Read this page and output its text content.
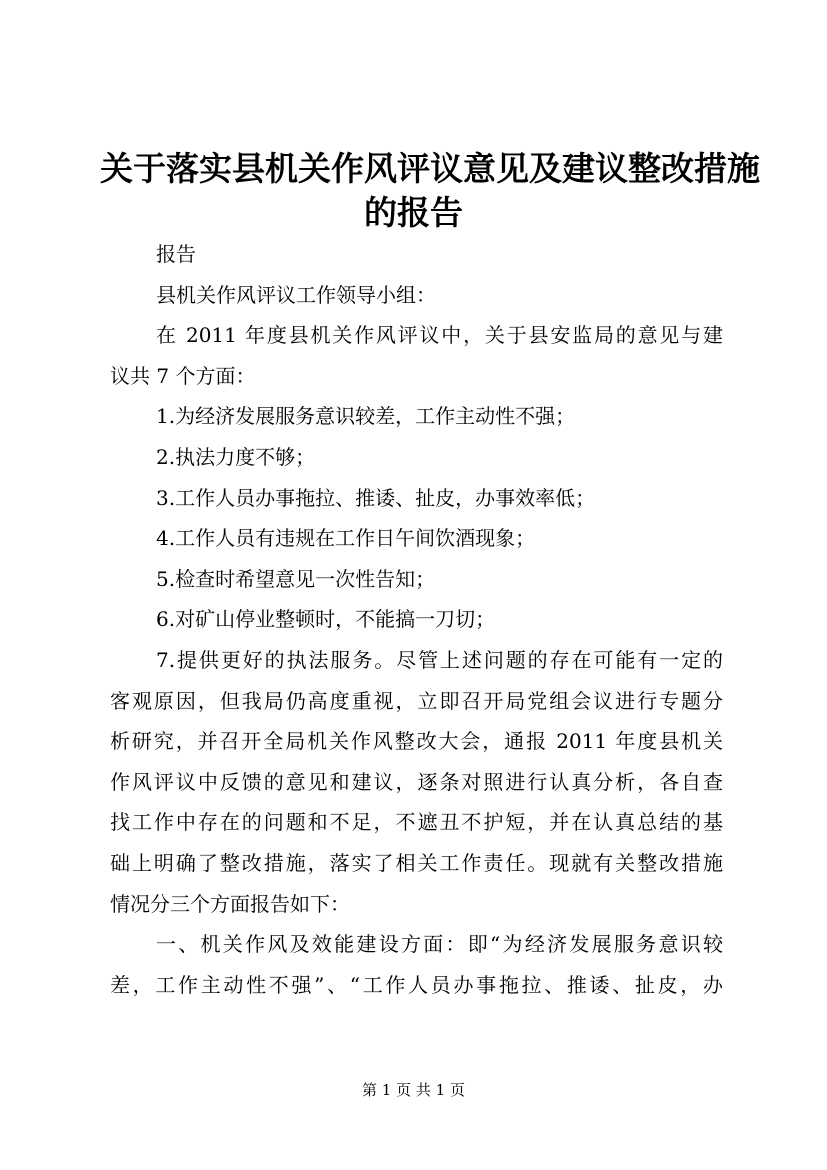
关于落实县机关作风评议意见及建议整改措施
的报告
报告
县机关作风评议工作领导小组：
在 2011 年度县机关作风评议中，关于县安监局的意见与建
议共 7 个方面：
1.为经济发展服务意识较差，工作主动性不强；
2.执法力度不够；
3.工作人员办事拖拉、推诿、扯皮，办事效率低；
4.工作人员有违规在工作日午间饮酒现象；
5.检查时希望意见一次性告知；
6.对矿山停业整顿时，不能搞一刀切；
7.提供更好的执法服务。尽管上述问题的存在可能有一定的
客观原因，但我局仍高度重视，立即召开局党组会议进行专题分
析研究，并召开全局机关作风整改大会，通报 2011 年度县机关
作风评议中反馈的意见和建议，逐条对照进行认真分析，各自查
找工作中存在的问题和不足，不遮丑不护短，并在认真总结的基
础上明确了整改措施，落实了相关工作责任。现就有关整改措施
情况分三个方面报告如下：
一、机关作风及效能建设方面：即“为经济发展服务意识较
差，工作主动性不强”、“工作人员办事拖拉、推诿、扯皮，办
第 1 页 共 1 页
